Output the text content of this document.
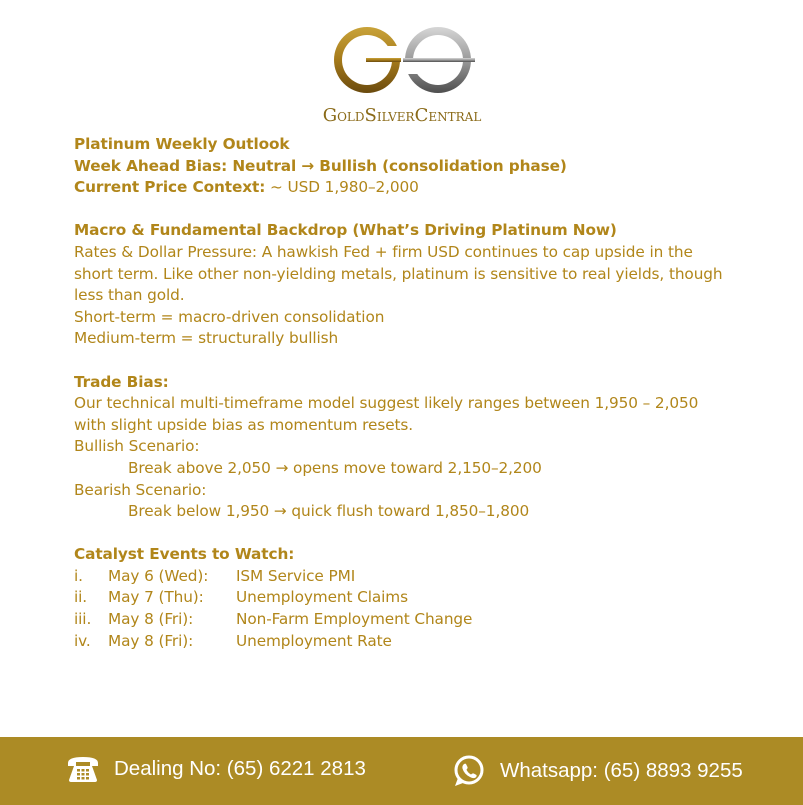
GOLDSILVERCENTRAL
Platinum Weekly Outlook
Week Ahead Bias: Neutral → Bullish (consolidation phase)
Current Price Context: ~ USD 1,980–2,000
Macro & Fundamental Backdrop (What’s Driving Platinum Now)
Rates & Dollar Pressure: A hawkish Fed + firm USD continues to cap upside in the short term. Like other non-yielding metals, platinum is sensitive to real yields, though less than gold.
Short-term = macro-driven consolidation
Medium-term = structurally bullish
Trade Bias:
Our technical multi-timeframe model suggest likely ranges between 1,950 – 2,050 with slight upside bias as momentum resets.
Bullish Scenario:
Break above 2,050 → opens move toward 2,150–2,200
Bearish Scenario:
Break below 1,950 → quick flush toward 1,850–1,800
Catalyst Events to Watch:
i.	May 6 (Wed):	ISM Service PMI
ii.	May 7 (Thu):	Unemployment Claims
iii.	May 8 (Fri):	Non-Farm Employment Change
iv.	May 8 (Fri):	Unemployment Rate
Dealing No: (65) 6221 2813	Whatsapp: (65) 8893 9255
